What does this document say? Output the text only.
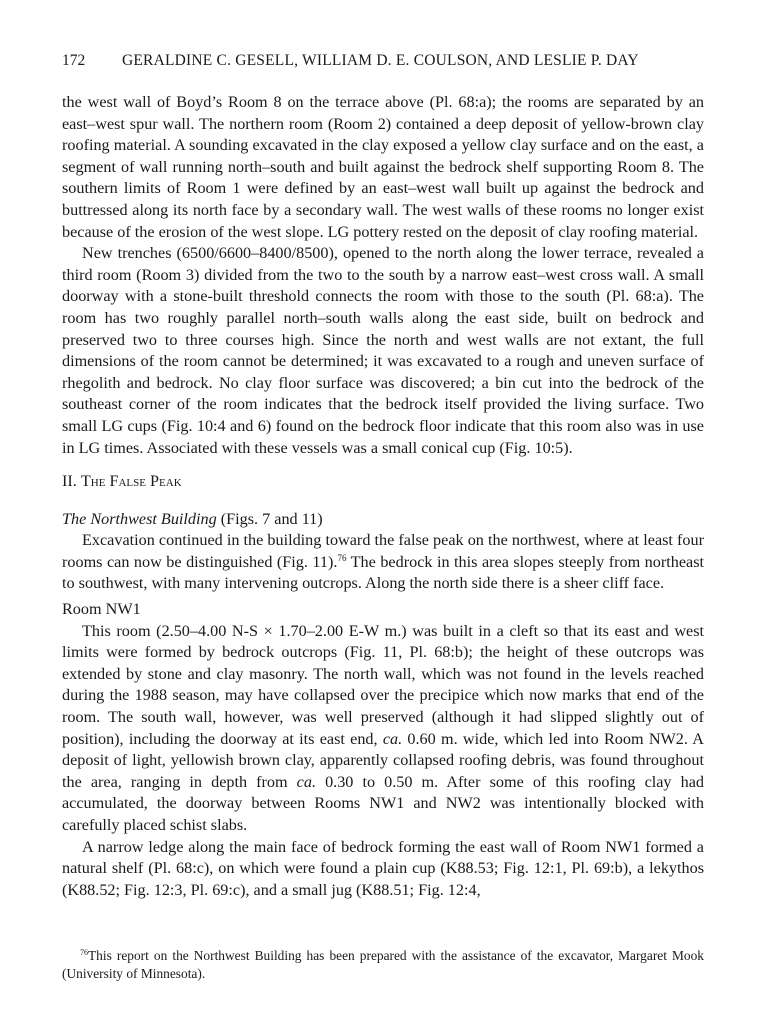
172 GERALDINE C. GESELL, WILLIAM D. E. COULSON, AND LESLIE P. DAY

the west wall of Boyd’s Room 8 on the terrace above (Pl. 68:a); the rooms are separated by an east–west spur wall. The northern room (Room 2) contained a deep deposit of yellow-brown clay roofing material. A sounding excavated in the clay exposed a yellow clay surface and on the east, a segment of wall running north–south and built against the bedrock shelf supporting Room 8. The southern limits of Room 1 were defined by an east–west wall built up against the bedrock and buttressed along its north face by a secondary wall. The west walls of these rooms no longer exist because of the erosion of the west slope. LG pottery rested on the deposit of clay roofing material.

New trenches (6500/6600–8400/8500), opened to the north along the lower terrace, revealed a third room (Room 3) divided from the two to the south by a narrow east–west cross wall. A small doorway with a stone-built threshold connects the room with those to the south (Pl. 68:a). The room has two roughly parallel north–south walls along the east side, built on bedrock and preserved two to three courses high. Since the north and west walls are not extant, the full dimensions of the room cannot be determined; it was excavated to a rough and uneven surface of rhegolith and bedrock. No clay floor surface was discovered; a bin cut into the bedrock of the southeast corner of the room indicates that the bedrock itself provided the living surface. Two small LG cups (Fig. 10:4 and 6) found on the bedrock floor indicate that this room also was in use in LG times. Associated with these vessels was a small conical cup (Fig. 10:5).

II. The False Peak

The Northwest Building (Figs. 7 and 11)

Excavation continued in the building toward the false peak on the northwest, where at least four rooms can now be distinguished (Fig. 11).$^{76}$ The bedrock in this area slopes steeply from northeast to southwest, with many intervening outcrops. Along the north side there is a sheer cliff face.

Room NW1

This room (2.50–4.00 N-S × 1.70–2.00 E-W m.) was built in a cleft so that its east and west limits were formed by bedrock outcrops (Fig. 11, Pl. 68:b); the height of these outcrops was extended by stone and clay masonry. The north wall, which was not found in the levels reached during the 1988 season, may have collapsed over the precipice which now marks that end of the room. The south wall, however, was well preserved (although it had slipped slightly out of position), including the doorway at its east end, ca. 0.60 m. wide, which led into Room NW2. A deposit of light, yellowish brown clay, apparently collapsed roofing debris, was found throughout the area, ranging in depth from ca. 0.30 to 0.50 m. After some of this roofing clay had accumulated, the doorway between Rooms NW1 and NW2 was intentionally blocked with carefully placed schist slabs.

A narrow ledge along the main face of bedrock forming the east wall of Room NW1 formed a natural shelf (Pl. 68:c), on which were found a plain cup (K88.53; Fig. 12:1, Pl. 69:b), a lekythos (K88.52; Fig. 12:3, Pl. 69:c), and a small jug (K88.51; Fig. 12:4,

$^{76}$This report on the Northwest Building has been prepared with the assistance of the excavator, Margaret Mook (University of Minnesota).
